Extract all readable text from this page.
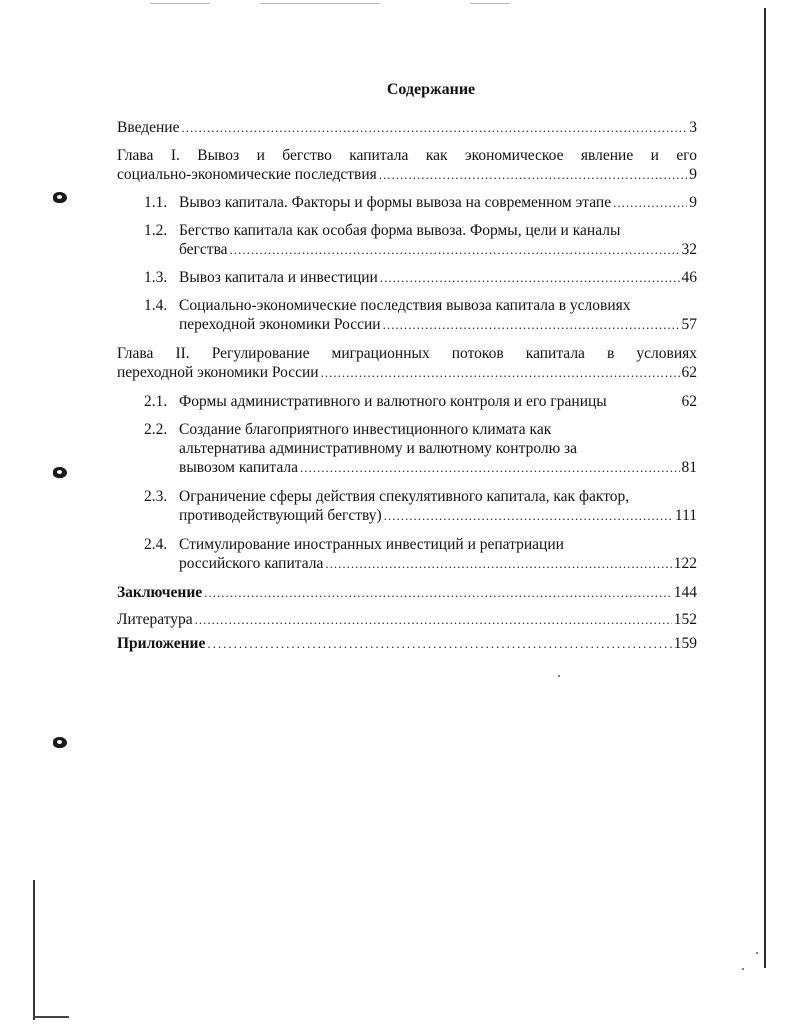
Содержание
Введение .....	3
Глава I. Вывоз и бегство капитала как экономическое явление и его
социально-экономические последствия .....	9
1.1. Вывоз капитала. Факторы и формы вывоза на современном этапе .....	9
1.2. Бегство капитала как особая форма вывоза. Формы, цели и каналы
бегства .....	32
1.3. Вывоз капитала и инвестиции .....	46
1.4. Социально-экономические последствия вывоза капитала в условиях
переходной экономики России .....	57
Глава II. Регулирование миграционных потоков капитала в условиях
переходной экономики России .....	62
2.1. Формы административного и валютного контроля и его границы	62
2.2. Создание благоприятного инвестиционного климата как
альтернатива административному и валютному контролю за
вывозом капитала .....	81
2.3. Ограничение сферы действия спекулятивного капитала, как фактор,
противодействующий бегству) .....	111
2.4. Стимулирование иностранных инвестиций и репатриации
российского капитала .....	122
Заключение .....	144
Литература .....	152
Приложение .....	159
